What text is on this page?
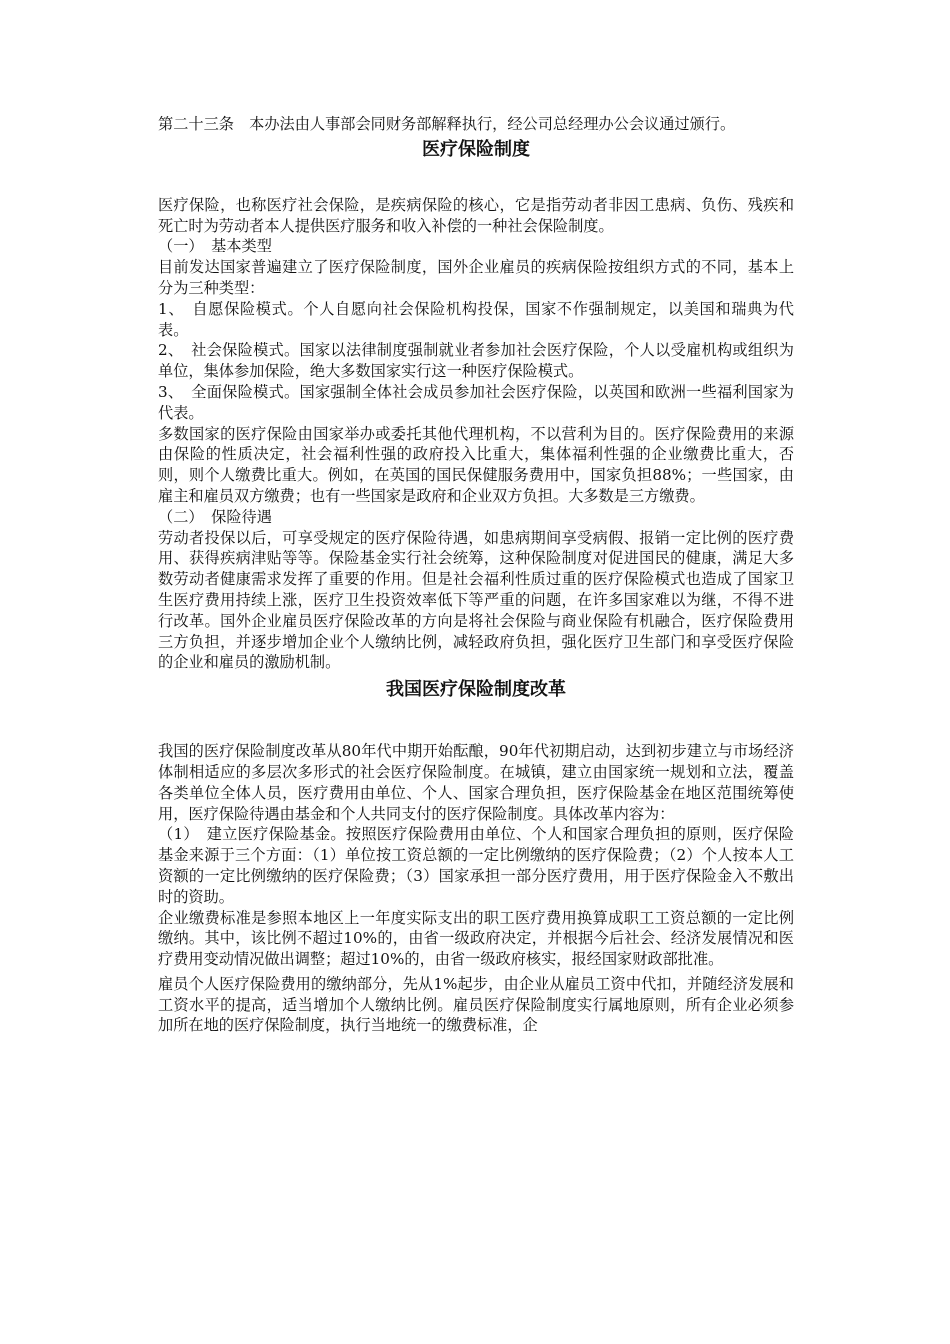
第二十三条　本办法由人事部会同财务部解释执行，经公司总经理办公会议通过颁行。

医疗保险制度

医疗保险，也称医疗社会保险，是疾病保险的核心，它是指劳动者非因工患病、负伤、残疾和死亡时为劳动者本人提供医疗服务和收入补偿的一种社会保险制度。

（一）　基本类型

目前发达国家普遍建立了医疗保险制度，国外企业雇员的疾病保险按组织方式的不同，基本上分为三种类型：

1、　自愿保险模式。个人自愿向社会保险机构投保，国家不作强制规定，以美国和瑞典为代表。

2、　社会保险模式。国家以法律制度强制就业者参加社会医疗保险，个人以受雇机构或组织为单位，集体参加保险，绝大多数国家实行这一种医疗保险模式。

3、　全面保险模式。国家强制全体社会成员参加社会医疗保险，以英国和欧洲一些福利国家为代表。

多数国家的医疗保险由国家举办或委托其他代理机构，不以营利为目的。医疗保险费用的来源由保险的性质决定，社会福利性强的政府投入比重大，集体福利性强的企业缴费比重大，否则，则个人缴费比重大。例如，在英国的国民保健服务费用中，国家负担88%；一些国家，由雇主和雇员双方缴费；也有一些国家是政府和企业双方负担。大多数是三方缴费。

（二）　保险待遇

劳动者投保以后，可享受规定的医疗保险待遇，如患病期间享受病假、报销一定比例的医疗费用、获得疾病津贴等等。保险基金实行社会统筹，这种保险制度对促进国民的健康，满足大多数劳动者健康需求发挥了重要的作用。但是社会福利性质过重的医疗保险模式也造成了国家卫生医疗费用持续上涨，医疗卫生投资效率低下等严重的问题，在许多国家难以为继，不得不进行改革。国外企业雇员医疗保险改革的方向是将社会保险与商业保险有机融合，医疗保险费用三方负担，并逐步增加企业个人缴纳比例，减轻政府负担，强化医疗卫生部门和享受医疗保险的企业和雇员的激励机制。

我国医疗保险制度改革

我国的医疗保险制度改革从80年代中期开始酝酿，90年代初期启动，达到初步建立与市场经济体制相适应的多层次多形式的社会医疗保险制度。在城镇，建立由国家统一规划和立法，覆盖各类单位全体人员，医疗费用由单位、个人、国家合理负担，医疗保险基金在地区范围统筹使用，医疗保险待遇由基金和个人共同支付的医疗保险制度。具体改革内容为：

（1）　建立医疗保险基金。按照医疗保险费用由单位、个人和国家合理负担的原则，医疗保险基金来源于三个方面：（1）单位按工资总额的一定比例缴纳的医疗保险费；（2）个人按本人工资额的一定比例缴纳的医疗保险费；（3）国家承担一部分医疗费用，用于医疗保险金入不敷出时的资助。

企业缴费标准是参照本地区上一年度实际支出的职工医疗费用换算成职工工资总额的一定比例缴纳。其中，该比例不超过10%的，由省一级政府决定，并根据今后社会、经济发展情况和医疗费用变动情况做出调整；超过10%的，由省一级政府核实，报经国家财政部批准。

雇员个人医疗保险费用的缴纳部分，先从1%起步，由企业从雇员工资中代扣，并随经济发展和工资水平的提高，适当增加个人缴纳比例。雇员医疗保险制度实行属地原则，所有企业必须参加所在地的医疗保险制度，执行当地统一的缴费标准，企
